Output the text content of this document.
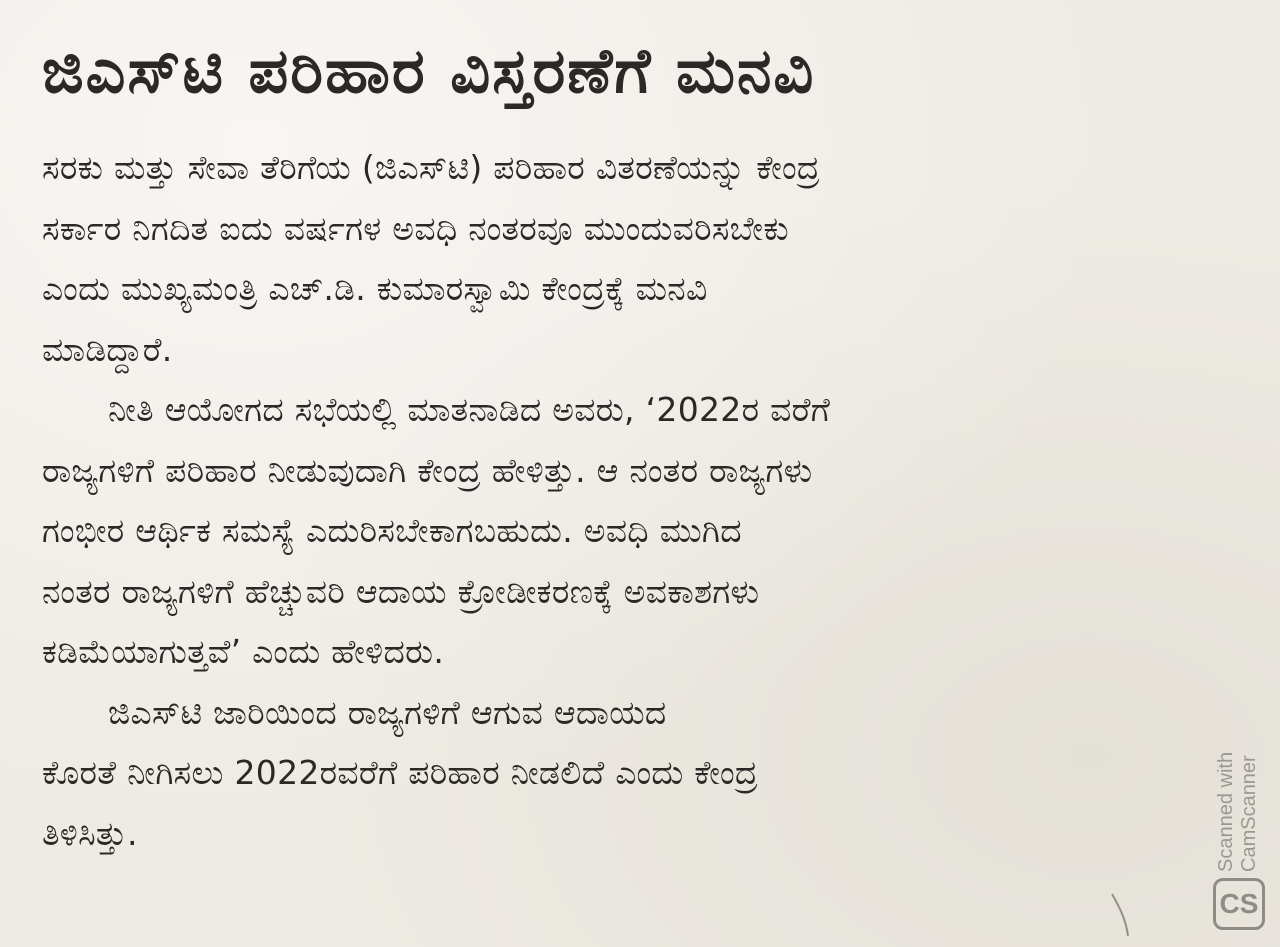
ಜಿಎಸ್‌ಟಿ ಪರಿಹಾರ ವಿಸ್ತರಣೆಗೆ ಮನವಿ
ಸರಕು ಮತ್ತು ಸೇವಾ ತೆರಿಗೆಯ (ಜಿಎಸ್‌ಟಿ) ಪರಿಹಾರ ವಿತರಣೆಯನ್ನು ಕೇಂದ್ರ
ಸರ್ಕಾರ ನಿಗದಿತ ಐದು ವರ್ಷಗಳ ಅವಧಿ ನಂತರವೂ ಮುಂದುವರಿಸಬೇಕು
ಎಂದು ಮುಖ್ಯಮಂತ್ರಿ ಎಚ್.ಡಿ. ಕುಮಾರಸ್ವಾಮಿ ಕೇಂದ್ರಕ್ಕೆ ಮನವಿ
ಮಾಡಿದ್ದಾರೆ.
ನೀತಿ ಆಯೋಗದ ಸಭೆಯಲ್ಲಿ ಮಾತನಾಡಿದ ಅವರು, ‘2022ರ ವರೆಗೆ
ರಾಜ್ಯಗಳಿಗೆ ಪರಿಹಾರ ನೀಡುವುದಾಗಿ ಕೇಂದ್ರ ಹೇಳಿತ್ತು. ಆ ನಂತರ ರಾಜ್ಯಗಳು
ಗಂಭೀರ ಆರ್ಥಿಕ ಸಮಸ್ಯೆ ಎದುರಿಸಬೇಕಾಗಬಹುದು. ಅವಧಿ ಮುಗಿದ
ನಂತರ ರಾಜ್ಯಗಳಿಗೆ ಹೆಚ್ಚುವರಿ ಆದಾಯ ಕ್ರೋಡೀಕರಣಕ್ಕೆ ಅವಕಾಶಗಳು
ಕಡಿಮೆಯಾಗುತ್ತವೆ’ ಎಂದು ಹೇಳಿದರು.
ಜಿಎಸ್‌ಟಿ ಜಾರಿಯಿಂದ ರಾಜ್ಯಗಳಿಗೆ ಆಗುವ ಆದಾಯದ
ಕೊರತೆ ನೀಗಿಸಲು 2022ರವರೆಗೆ ಪರಿಹಾರ ನೀಡಲಿದೆ ಎಂದು ಕೇಂದ್ರ
ತಿಳಿಸಿತ್ತು.	Scanned with CamScanner
CS
